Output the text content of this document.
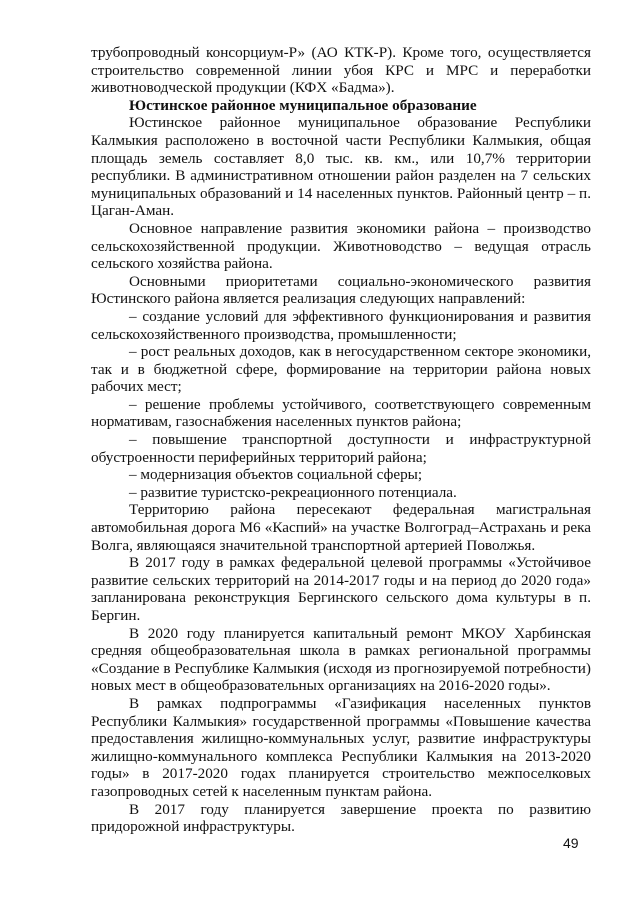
трубопроводный консорциум-Р» (АО КТК-Р). Кроме того, осуществляется строительство современной линии убоя КРС и МРС и переработки животноводческой продукции (КФХ «Бадма»).

Юстинское районное муниципальное образование

Юстинское районное муниципальное образование Республики Калмыкия расположено в восточной части Республики Калмыкия, общая площадь земель составляет 8,0 тыс. кв. км., или 10,7% территории республики. В административном отношении район разделен на 7 сельских муниципальных образований и 14 населенных пунктов. Районный центр – п. Цаган-Аман.

Основное направление развития экономики района – производство сельскохозяйственной продукции. Животноводство – ведущая отрасль сельского хозяйства района.

Основными приоритетами социально-экономического развития Юстинского района является реализация следующих направлений:

– создание условий для эффективного функционирования и развития сельскохозяйственного производства, промышленности;

– рост реальных доходов, как в негосударственном секторе экономики, так и в бюджетной сфере, формирование на территории района новых рабочих мест;

– решение проблемы устойчивого, соответствующего современным нормативам, газоснабжения населенных пунктов района;

– повышение транспортной доступности и инфраструктурной обустроенности периферийных территорий района;

– модернизация объектов социальной сферы;

– развитие туристско-рекреационного потенциала.

Территорию района пересекают федеральная магистральная автомобильная дорога М6 «Каспий» на участке Волгоград–Астрахань и река Волга, являющаяся значительной транспортной артерией Поволжья.

В 2017 году в рамках федеральной целевой программы «Устойчивое развитие сельских территорий на 2014-2017 годы и на период до 2020 года» запланирована реконструкция Бергинского сельского дома культуры в п. Бергин.

В 2020 году планируется капитальный ремонт МКОУ Харбинская средняя общеобразовательная школа в рамках региональной программы «Создание в Республике Калмыкия (исходя из прогнозируемой потребности) новых мест в общеобразовательных организациях на 2016-2020 годы».

В рамках подпрограммы «Газификация населенных пунктов Республики Калмыкия» государственной программы «Повышение качества предоставления жилищно-коммунальных услуг, развитие инфраструктуры жилищно-коммунального комплекса Республики Калмыкия на 2013-2020 годы» в 2017-2020 годах планируется строительство межпоселковых газопроводных сетей к населенным пунктам района.

В 2017 году планируется завершение проекта по развитию придорожной инфраструктуры.

49
